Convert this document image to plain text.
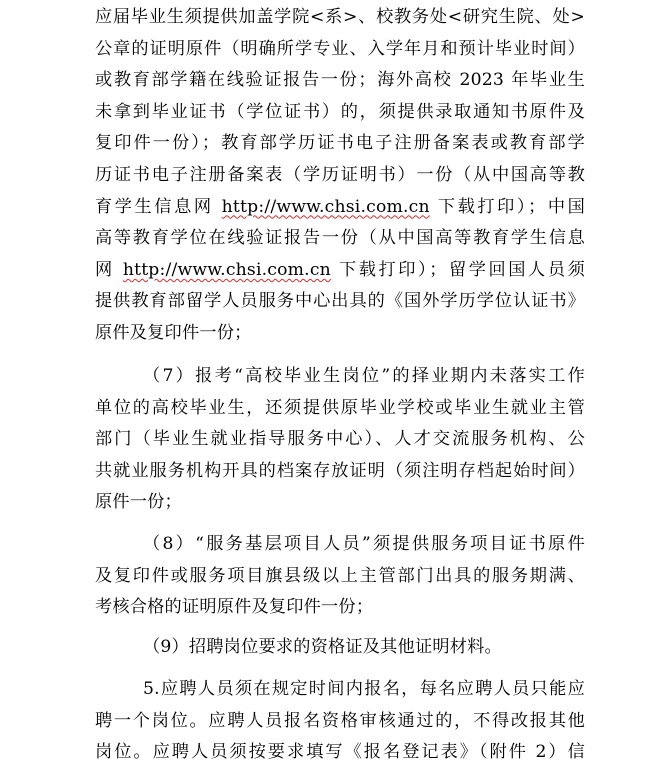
应届毕业生须提供加盖学院<系>、校教务处<研究生院、处>
公章的证明原件（明确所学专业、入学年月和预计毕业时间）
或教育部学籍在线验证报告一份；海外高校 2023 年毕业生
未拿到毕业证书（学位证书）的，须提供录取通知书原件及
复印件一份）；教育部学历证书电子注册备案表或教育部学
历证书电子注册备案表（学历证明书）一份（从中国高等教
育学生信息网 http://www.chsi.com.cn 下载打印）；中国
高等教育学位在线验证报告一份（从中国高等教育学生信息
网 http://www.chsi.com.cn 下载打印）；留学回国人员须
提供教育部留学人员服务中心出具的《国外学历学位认证书》
原件及复印件一份；
（7）报考“高校毕业生岗位”的择业期内未落实工作
单位的高校毕业生，还须提供原毕业学校或毕业生就业主管
部门（毕业生就业指导服务中心）、人才交流服务机构、公
共就业服务机构开具的档案存放证明（须注明存档起始时间）
原件一份；
（8）“服务基层项目人员”须提供服务项目证书原件
及复印件或服务项目旗县级以上主管部门出具的服务期满、
考核合格的证明原件及复印件一份；
（9）招聘岗位要求的资格证及其他证明材料。
5.应聘人员须在规定时间内报名，每名应聘人员只能应
聘一个岗位。应聘人员报名资格审核通过的，不得改报其他
岗位。应聘人员须按要求填写《报名登记表》（附件 2）信
